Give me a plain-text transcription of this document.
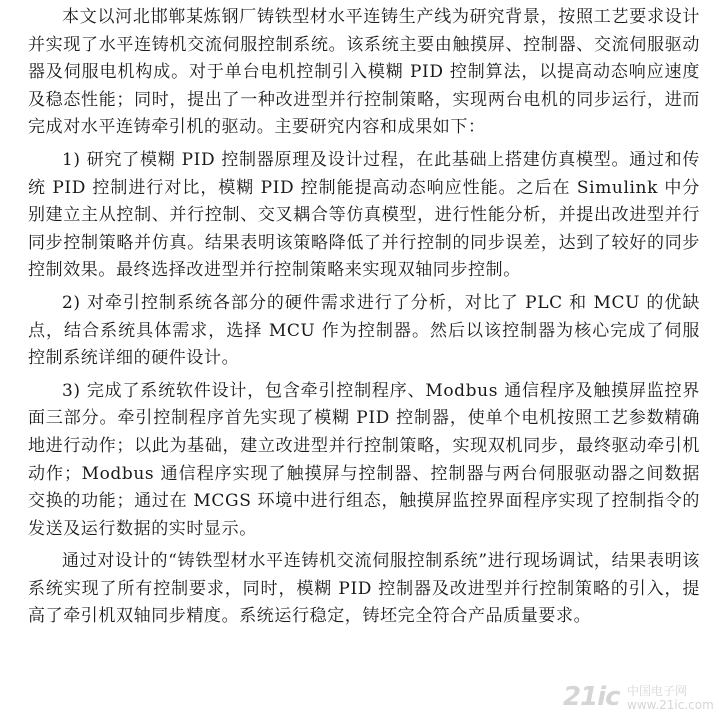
本文以河北邯郸某炼钢厂铸铁型材水平连铸生产线为研究背景，按照工艺要求设计并实现了水平连铸机交流伺服控制系统。该系统主要由触摸屏、控制器、交流伺服驱动器及伺服电机构成。对于单台电机控制引入模糊 PID 控制算法，以提高动态响应速度及稳态性能；同时，提出了一种改进型并行控制策略，实现两台电机的同步运行，进而完成对水平连铸牵引机的驱动。主要研究内容和成果如下：

1) 研究了模糊 PID 控制器原理及设计过程，在此基础上搭建仿真模型。通过和传统 PID 控制进行对比，模糊 PID 控制能提高动态响应性能。之后在 Simulink 中分别建立主从控制、并行控制、交叉耦合等仿真模型，进行性能分析，并提出改进型并行同步控制策略并仿真。结果表明该策略降低了并行控制的同步误差，达到了较好的同步控制效果。最终选择改进型并行控制策略来实现双轴同步控制。

2) 对牵引控制系统各部分的硬件需求进行了分析，对比了 PLC 和 MCU 的优缺点，结合系统具体需求，选择 MCU 作为控制器。然后以该控制器为核心完成了伺服控制系统详细的硬件设计。

3) 完成了系统软件设计，包含牵引控制程序、Modbus 通信程序及触摸屏监控界面三部分。牵引控制程序首先实现了模糊 PID 控制器，使单个电机按照工艺参数精确地进行动作；以此为基础，建立改进型并行控制策略，实现双机同步，最终驱动牵引机动作；Modbus 通信程序实现了触摸屏与控制器、控制器与两台伺服驱动器之间数据交换的功能；通过在 MCGS 环境中进行组态，触摸屏监控界面程序实现了控制指令的发送及运行数据的实时显示。

通过对设计的“铸铁型材水平连铸机交流伺服控制系统”进行现场调试，结果表明该系统实现了所有控制要求，同时，模糊 PID 控制器及改进型并行控制策略的引入，提高了牵引机双轴同步精度。系统运行稳定，铸坯完全符合产品质量要求。

21ic 中国电子网
www.21ic.com
